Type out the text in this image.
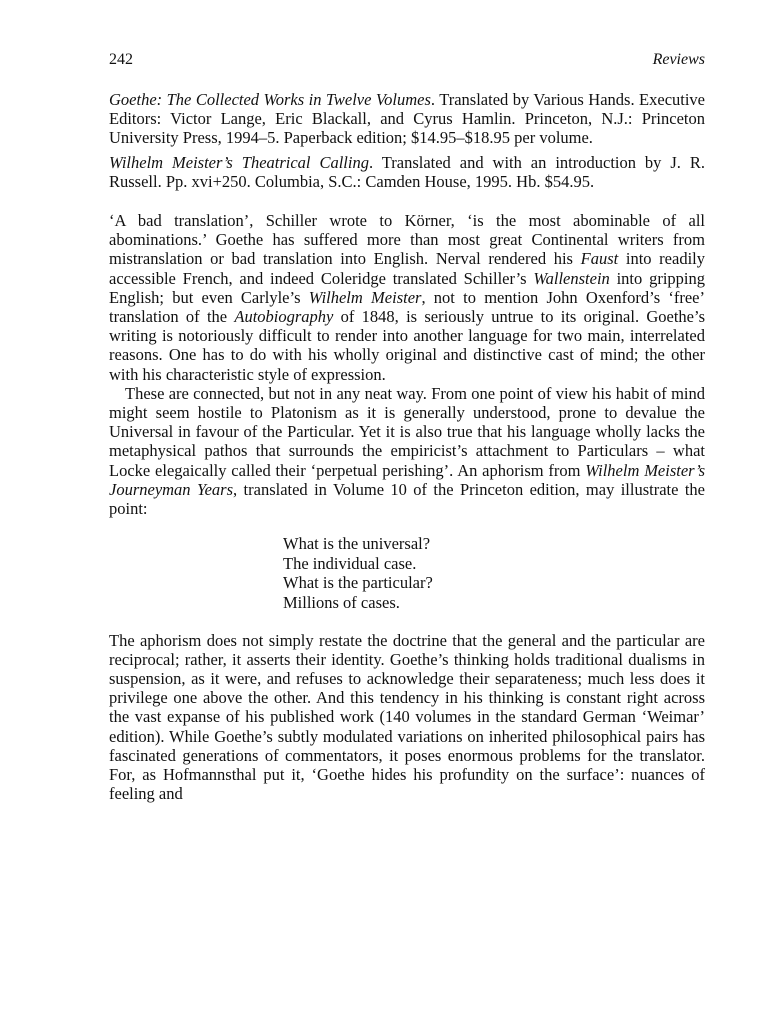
242	Reviews

Goethe: The Collected Works in Twelve Volumes. Translated by Various Hands. Executive Editors: Victor Lange, Eric Blackall, and Cyrus Hamlin. Princeton, N.J.: Princeton University Press, 1994–5. Paperback edition; $14.95–$18.95 per volume.

Wilhelm Meister’s Theatrical Calling. Translated and with an introduction by J. R. Russell. Pp. xvi+250. Columbia, S.C.: Camden House, 1995. Hb. $54.95.

‘A bad translation’, Schiller wrote to Körner, ‘is the most abominable of all abominations.’ Goethe has suffered more than most great Continental writers from mistranslation or bad translation into English. Nerval rendered his Faust into readily accessible French, and indeed Coleridge translated Schiller’s Wallenstein into gripping English; but even Carlyle’s Wilhelm Meister, not to mention John Oxenford’s ‘free’ translation of the Autobiography of 1848, is seriously untrue to its original. Goethe’s writing is notoriously difficult to render into another language for two main, interrelated reasons. One has to do with his wholly original and distinctive cast of mind; the other with his characteristic style of expression.

These are connected, but not in any neat way. From one point of view his habit of mind might seem hostile to Platonism as it is generally understood, prone to devalue the Universal in favour of the Particular. Yet it is also true that his language wholly lacks the metaphysical pathos that surrounds the empiricist’s attachment to Particulars – what Locke elegaically called their ‘perpetual perishing’. An aphorism from Wilhelm Meister’s Journeyman Years, translated in Volume 10 of the Princeton edition, may illustrate the point:

What is the universal?
The individual case.
What is the particular?
Millions of cases.

The aphorism does not simply restate the doctrine that the general and the particular are reciprocal; rather, it asserts their identity. Goethe’s thinking holds traditional dualisms in suspension, as it were, and refuses to acknowledge their separateness; much less does it privilege one above the other. And this tendency in his thinking is constant right across the vast expanse of his published work (140 volumes in the standard German ‘Weimar’ edition). While Goethe’s subtly modulated variations on inherited philosophical pairs has fascinated generations of commentators, it poses enormous problems for the translator. For, as Hofmannsthal put it, ‘Goethe hides his profundity on the surface’: nuances of feeling and
